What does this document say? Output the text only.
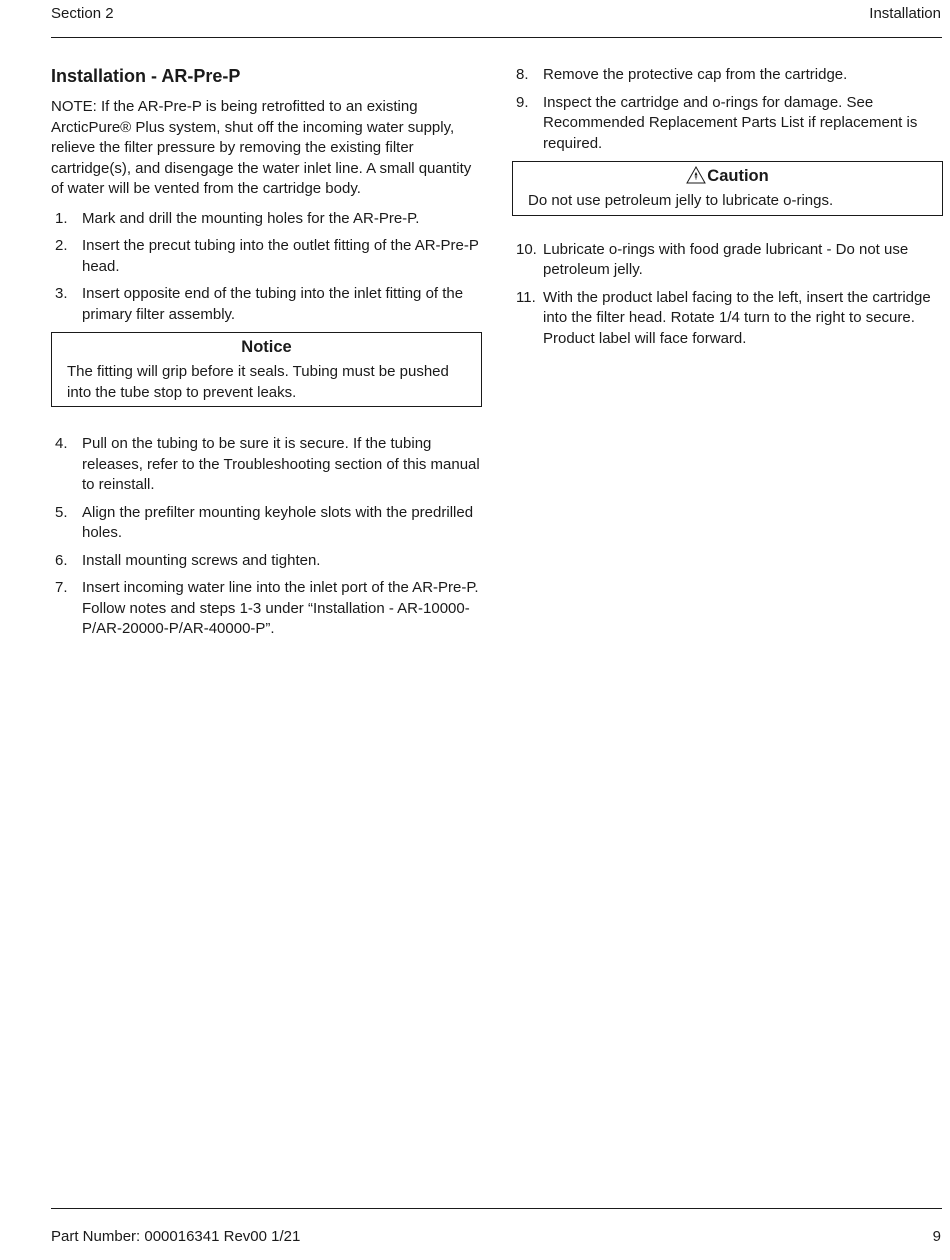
Section 2	Installation
Installation - AR-Pre-P

NOTE: If the AR-Pre-P is being retrofitted to an existing ArcticPure® Plus system, shut off the incoming water supply, relieve the filter pressure by removing the existing filter cartridge(s), and disengage the water inlet line. A small quantity of water will be vented from the cartridge body.

1. Mark and drill the mounting holes for the AR-Pre-P.
2. Insert the precut tubing into the outlet fitting of the AR-Pre-P head.
3. Insert opposite end of the tubing into the inlet fitting of the primary filter assembly.
Notice
The fitting will grip before it seals. Tubing must be pushed into the tube stop to prevent leaks.
4. Pull on the tubing to be sure it is secure. If the tubing releases, refer to the Troubleshooting section of this manual to reinstall.
5. Align the prefilter mounting keyhole slots with the predrilled holes.
6. Install mounting screws and tighten.
7. Insert incoming water line into the inlet port of the AR-Pre-P. Follow notes and steps 1-3 under “Installation - AR-10000-P/AR-20000-P/AR-40000-P”.
8. Remove the protective cap from the cartridge.
9. Inspect the cartridge and o-rings for damage. See Recommended Replacement Parts List if replacement is required.
Caution
Do not use petroleum jelly to lubricate o-rings.
10. Lubricate o-rings with food grade lubricant - Do not use petroleum jelly.
11. With the product label facing to the left, insert the cartridge into the filter head. Rotate 1/4 turn to the right to secure. Product label will face forward.
Part Number: 000016341 Rev00 1/21	9
